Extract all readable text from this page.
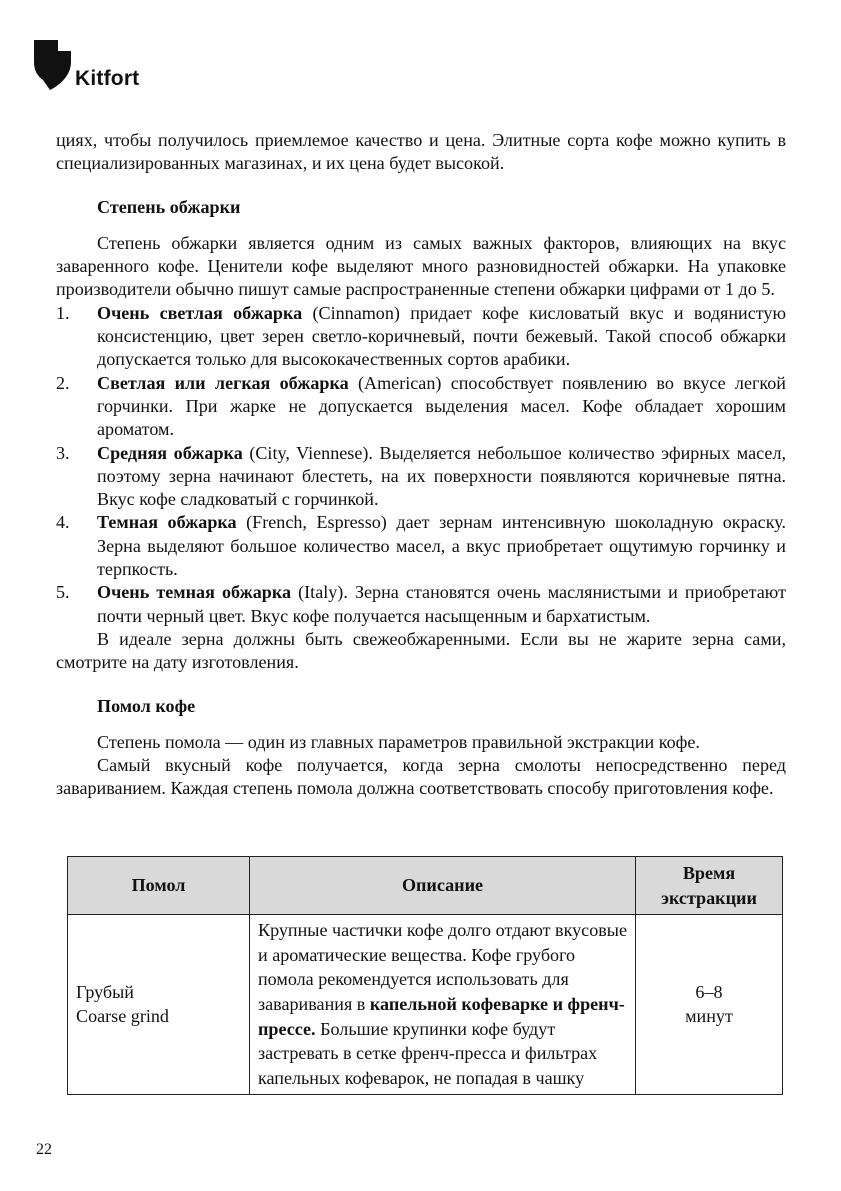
Kitfort

циях, чтобы получилось приемлемое качество и цена. Элитные сорта кофе можно купить в специализированных магазинах, и их цена будет высокой.

Степень обжарки

Степень обжарки является одним из самых важных факторов, влияющих на вкус заваренного кофе. Ценители кофе выделяют много разновидностей обжарки. На упаковке производители обычно пишут самые распространенные степени обжарки цифрами от 1 до 5.

1. Очень светлая обжарка (Cinnamon) придает кофе кисловатый вкус и водянистую консистенцию, цвет зерен светло-коричневый, почти бежевый. Такой способ обжарки допускается только для высококачественных сортов арабики.
2. Светлая или легкая обжарка (American) способствует появлению во вкусе легкой горчинки. При жарке не допускается выделения масел. Кофе обладает хорошим ароматом.
3. Средняя обжарка (City, Viennese). Выделяется небольшое количество эфирных масел, поэтому зерна начинают блестеть, на их поверхности появляются коричневые пятна. Вкус кофе сладковатый с горчинкой.
4. Темная обжарка (French, Espresso) дает зернам интенсивную шоколадную окраску. Зерна выделяют большое количество масел, а вкус приобретает ощутимую горчинку и терпкость.
5. Очень темная обжарка (Italy). Зерна становятся очень маслянистыми и приобретают почти черный цвет. Вкус кофе получается насыщенным и бархатистым.

В идеале зерна должны быть свежеобжаренными. Если вы не жарите зерна сами, смотрите на дату изготовления.

Помол кофе

Степень помола — один из главных параметров правильной экстракции кофе.

Самый вкусный кофе получается, когда зерна смолоты непосредственно перед завариванием. Каждая степень помола должна соответствовать способу приготовления кофе.

Помол	Описание	Время
экстракции
Грубый
Coarse grind	Крупные частички кофе долго отдают вкусовые и ароматические вещества. Кофе грубого помола рекомендуется использовать для заваривания в капельной кофеварке и френч-прессе. Большие крупинки кофе будут застревать в сетке френч-пресса и фильтрах капельных кофеварок, не попадая в чашку	6–8
минут
22
